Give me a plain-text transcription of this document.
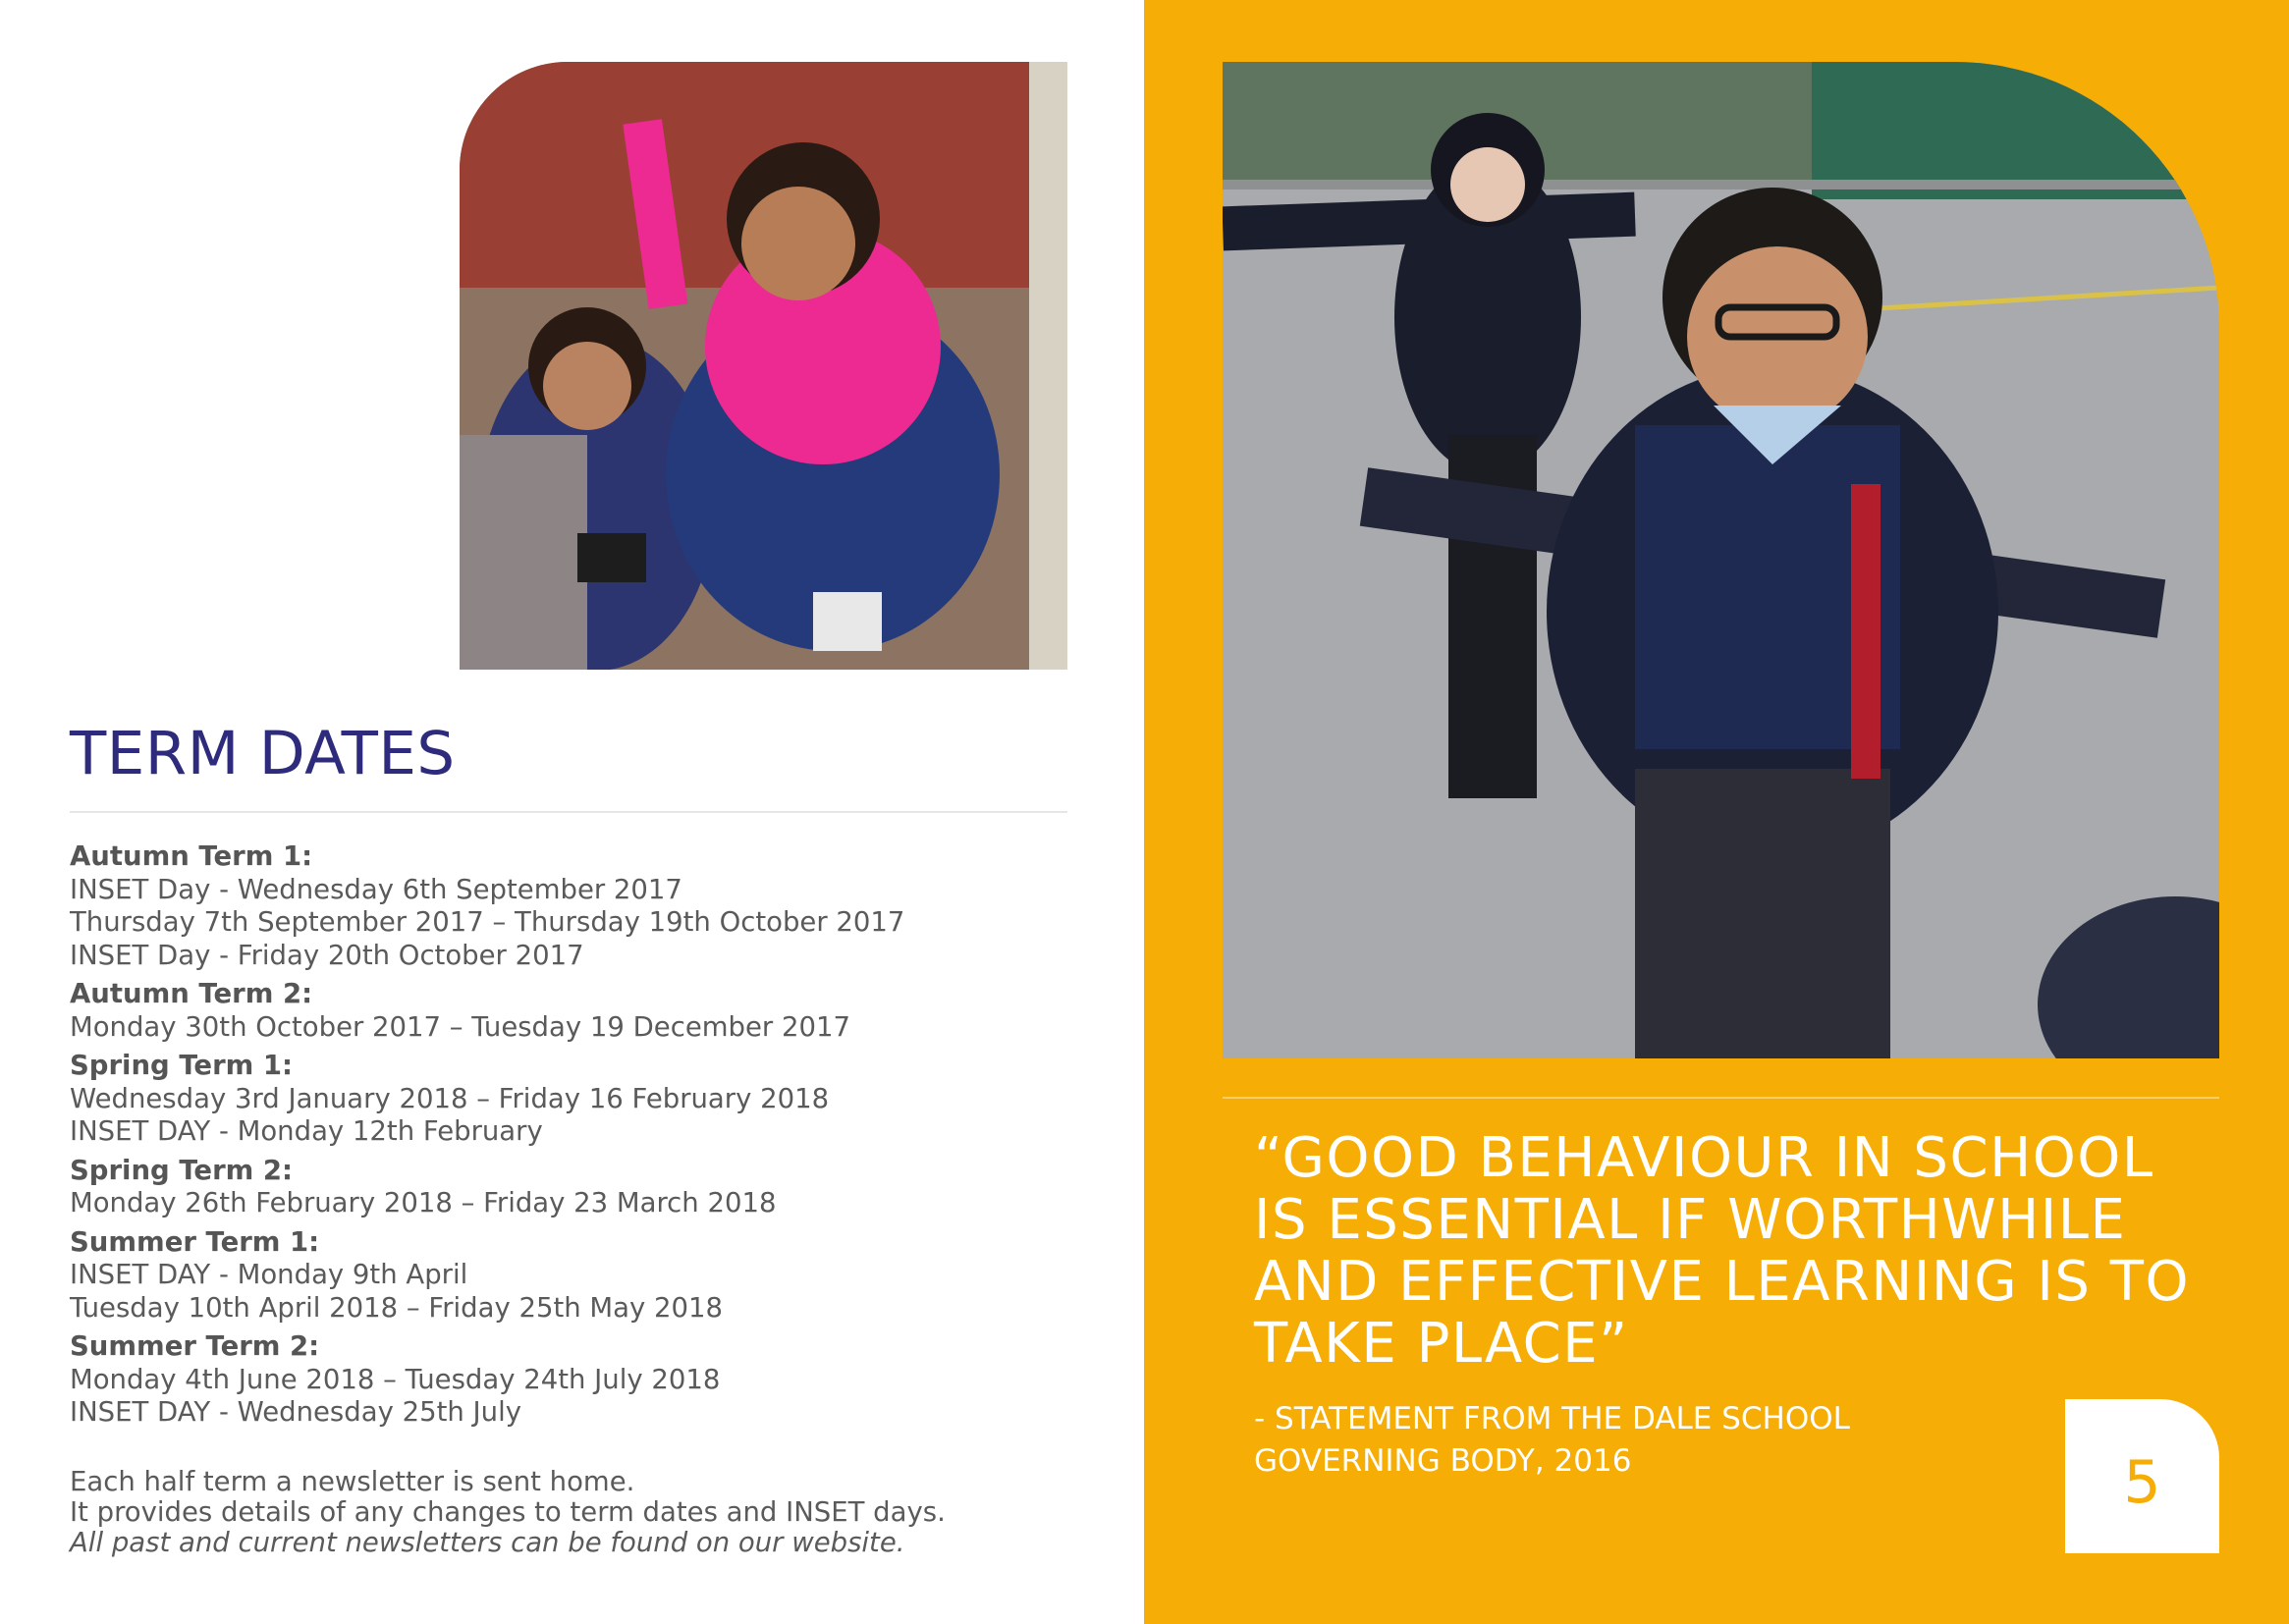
TERM DATES
Autumn Term 1:
INSET Day - Wednesday 6th September 2017
Thursday 7th September 2017 – Thursday 19th October 2017
INSET Day - Friday 20th October 2017
Autumn Term 2:
Monday 30th October 2017 – Tuesday 19 December 2017
Spring Term 1:
Wednesday 3rd January 2018 – Friday 16 February 2018
INSET DAY - Monday 12th February
Spring Term 2:
Monday 26th February 2018 – Friday 23 March 2018
Summer Term 1:
INSET DAY - Monday 9th April
Tuesday 10th April 2018 – Friday 25th May 2018
Summer Term 2:
Monday 4th June 2018 – Tuesday 24th July 2018
INSET DAY - Wednesday 25th July
Each half term a newsletter is sent home.
It provides details of any changes to term dates and INSET days.
All past and current newsletters can be found on our website.

“GOOD BEHAVIOUR IN SCHOOL IS ESSENTIAL IF WORTHWHILE AND EFFECTIVE LEARNING IS TO TAKE PLACE”

- STATEMENT FROM THE DALE SCHOOL
GOVERNING BODY, 2016	5
